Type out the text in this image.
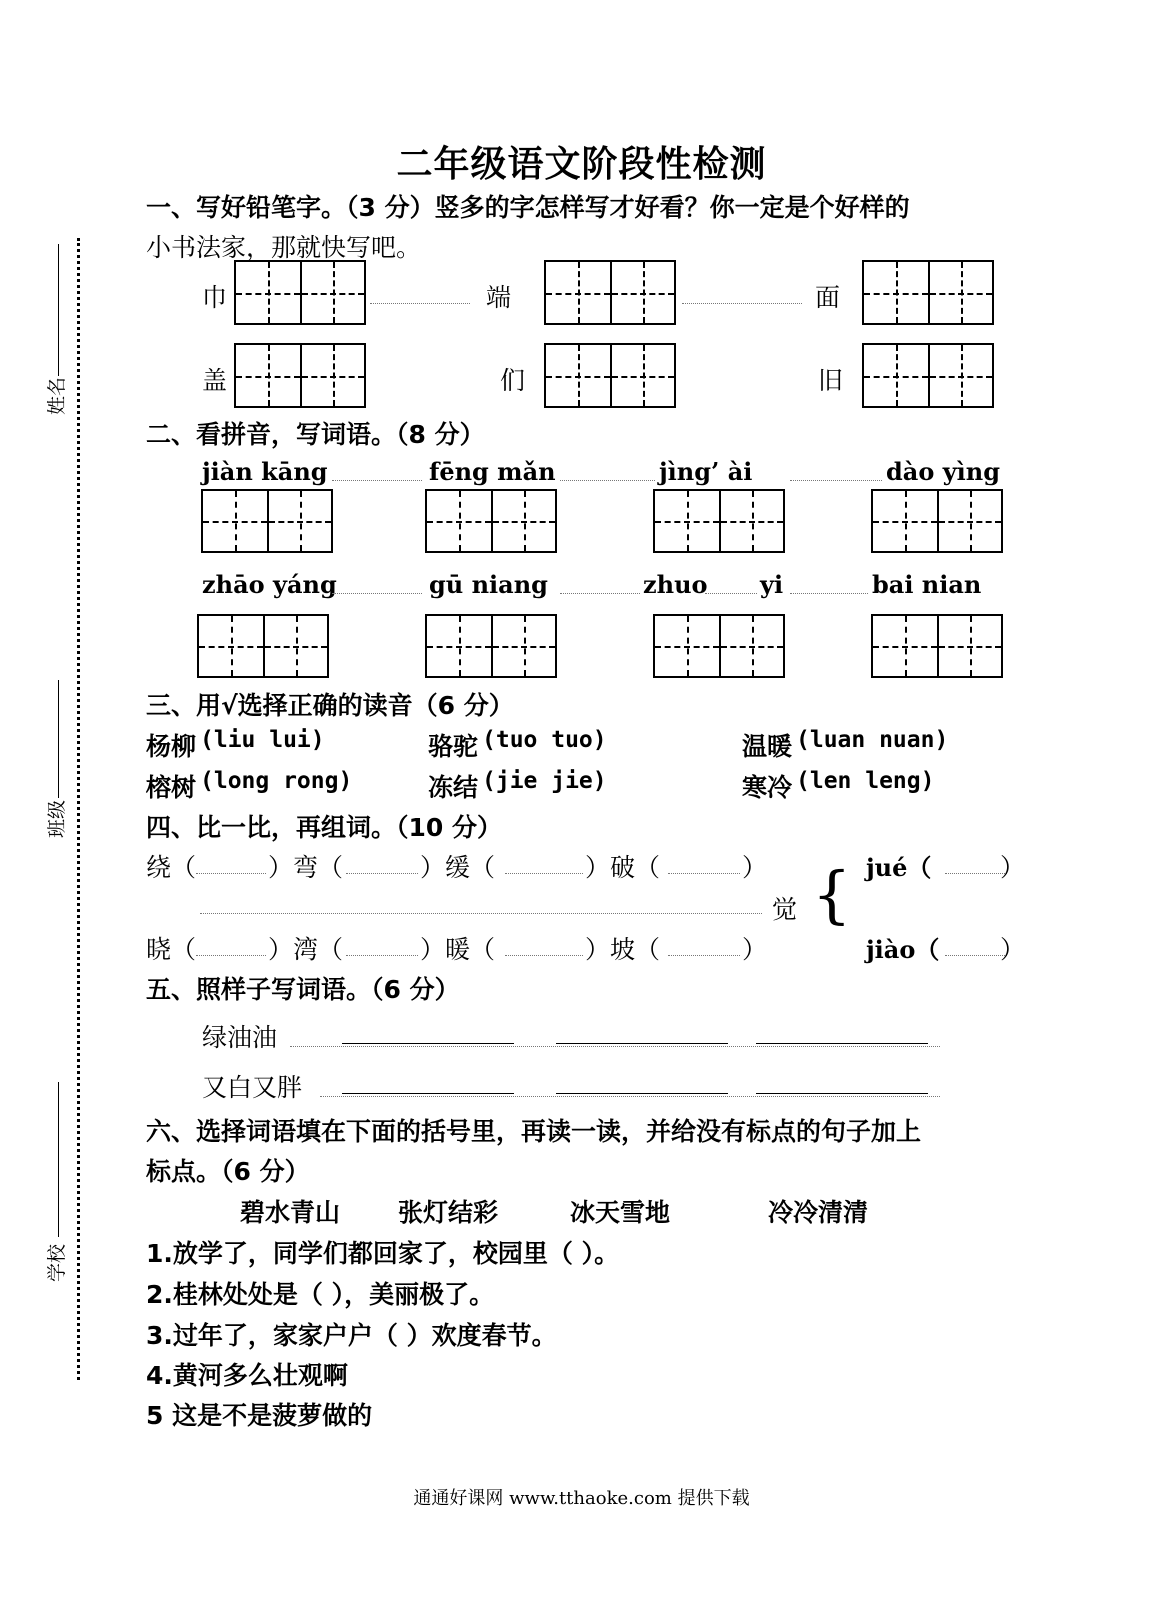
姓名
班级
学校
二年级语文阶段性检测
一、写好铅笔字。（3 分）竖多的字怎样写才好看？你一定是个好样的
小书法家，那就快写吧。
巾	端	面
盖	们	旧
二、看拼音，写词语。（8 分）
jiàn kāng	fēng mǎn	jìng’ ài	dào yìng
zhāo yáng	gū niang	zhuo yi	bai nian
三、用√选择正确的读音（6 分）
杨柳 (liu lui)	骆驼 (tuo tuo)	温暖 (luan nuan)
榕树 (long rong)	冻结 (jie jie)	寒冷 (len leng)
四、比一比，再组词。（10 分）
绕（	）弯（	）缓（	）破（	）	jué（	）
觉 {
晓（	）湾（	）暖（	）坡（	）	jiào（ ）
五、照样子写词语。（6 分）
绿油油
又白又胖
六、选择词语填在下面的括号里，再读一读，并给没有标点的句子加上
标点。（6 分）
碧水青山 张灯结彩	冰天雪地	冷冷清清
1.放学了，同学们都回家了，校园里（ ）。
2.桂林处处是（ ），美丽极了。
3.过年了，家家户户（ ）欢度春节。
4.黄河多么壮观啊
5 这是不是菠萝做的
通通好课网 www.tthaoke.com 提供下载
